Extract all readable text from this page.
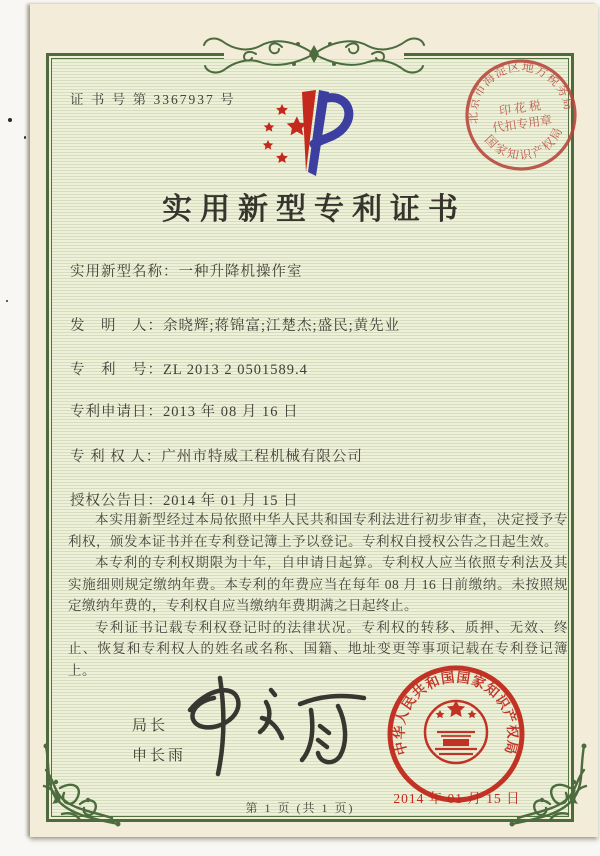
证 书 号 第 3367937 号
实用新型专利证书
北京市海淀区地方税务局
国家知识产权局
印 花 税
代扣专用章
实用新型名称：一种升降机操作室
发　明　人：余晓辉;蒋锦富;江楚杰;盛民;黄先业
专　利　号：ZL 2013 2 0501589.4
专利申请日：2013 年 08 月 16 日
专 利 权 人：广州市特威工程机械有限公司
授权公告日：2014 年 01 月 15 日

本实用新型经过本局依照中华人民共和国专利法进行初步审查，决定授予专利权，颁发本证书并在专利登记簿上予以登记。专利权自授权公告之日起生效。

本专利的专利权期限为十年，自申请日起算。专利权人应当依照专利法及其实施细则规定缴纳年费。本专利的年费应当在每年 08 月 16 日前缴纳。未按照规定缴纳年费的，专利权自应当缴纳年费期满之日起终止。

专利证书记载专利权登记时的法律状况。专利权的转移、质押、无效、终止、恢复和专利权人的姓名或名称、国籍、地址变更等事项记载在专利登记簿上。

局长
申长雨	中华人民共和国国家知识产权局
2014 年 01 月 15 日
第 1 页 (共 1 页)
